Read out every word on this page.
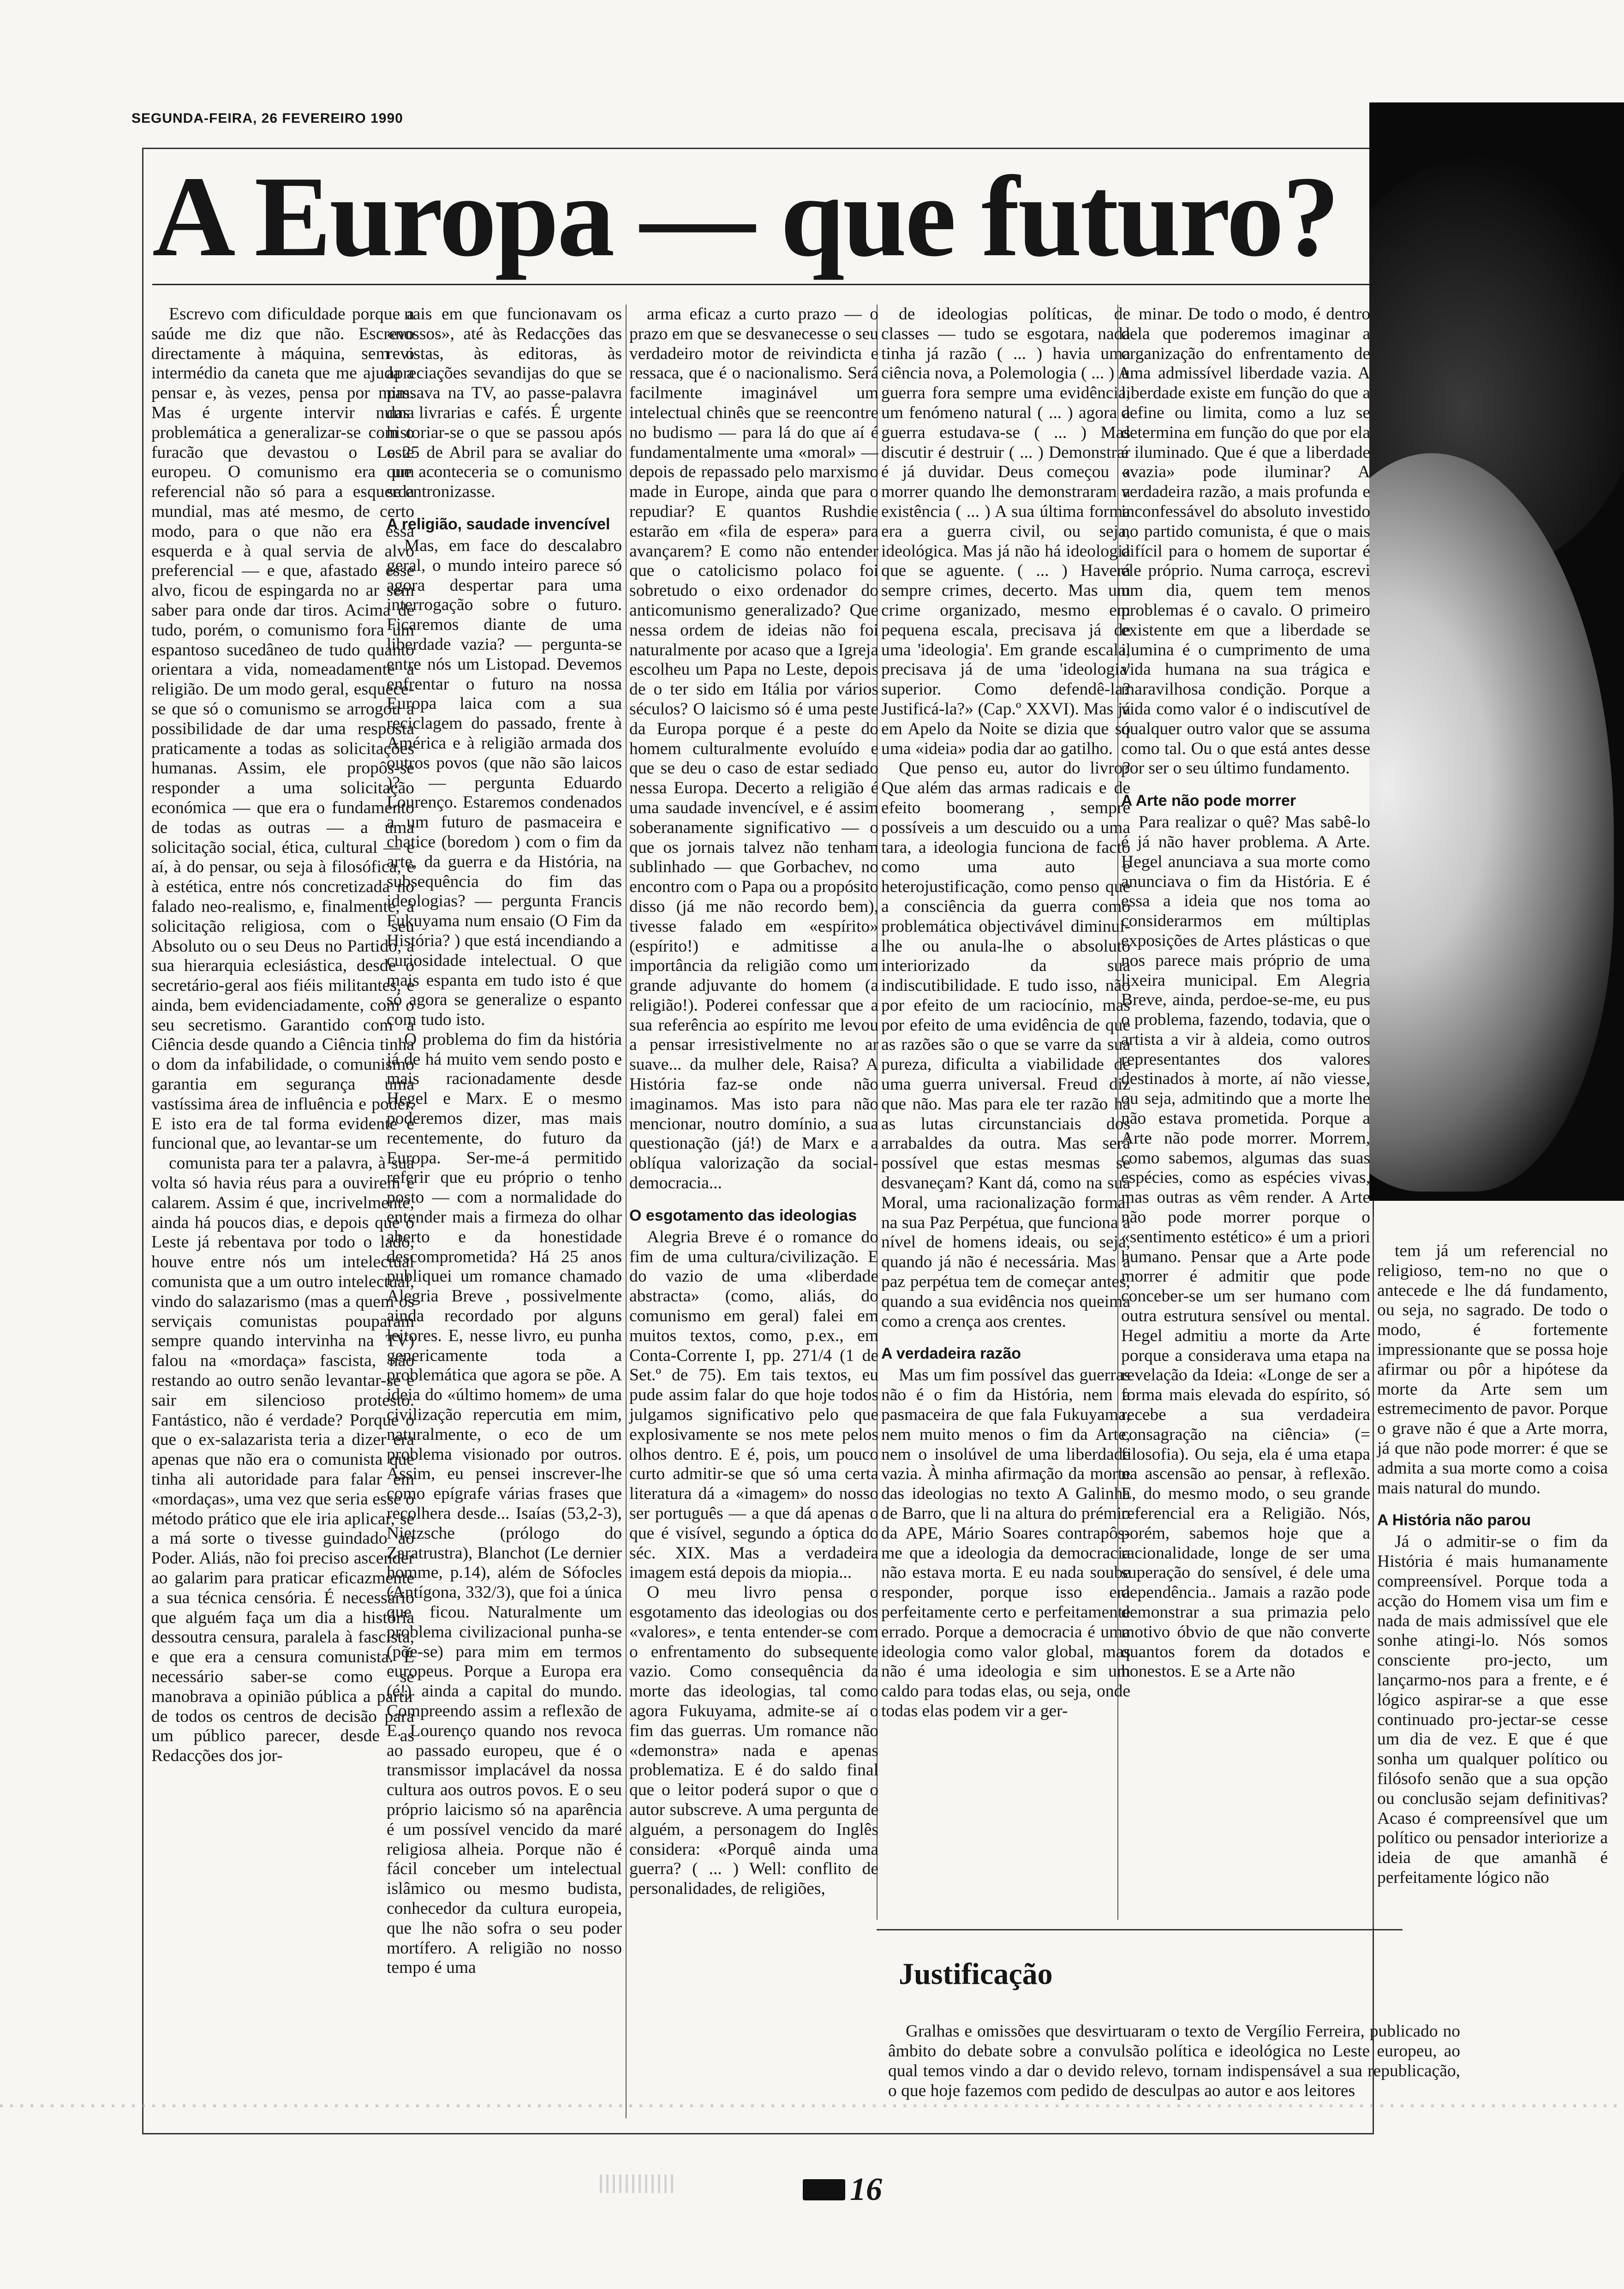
SEGUNDA-FEIRA, 26 FEVEREIRO 1990
A Europa — que futuro?

Escrevo com dificuldade porque a saúde me diz que não. Escrevo directamente à máquina, sem o intermédio da caneta que me ajuda a pensar e, às vezes, pensa por mim. Mas é urgente intervir numa problemática a generalizar-se com o furacão que devastou o Leste europeu. O comunismo era um referencial não só para a esquerda mundial, mas até mesmo, de certo modo, para o que não era essa esquerda e à qual servia de alvo preferencial — e que, afastado esse alvo, ficou de espingarda no ar sem saber para onde dar tiros. Acima de tudo, porém, o comunismo fora um espantoso sucedâneo de tudo quanto orientara a vida, nomeadamente a religião. De um modo geral, esquece-se que só o comunismo se arrogou a possibilidade de dar uma resposta praticamente a todas as solicitações humanas. Assim, ele propôs-se responder a uma solicitação económica — que era o fundamento de todas as outras — a uma solicitação social, ética, cultural — e aí, à do pensar, ou seja à filosófica, e à estética, entre nós concretizada no falado neo-realismo, e, finalmente, à solicitação religiosa, com o seu Absoluto ou o seu Deus no Partido, a sua hierarquia eclesiástica, desde o secretário-geral aos fiéis militantes, e ainda, bem evidenciadamente, com o seu secretismo. Garantido com a Ciência desde quando a Ciência tinha o dom da infabilidade, o comunismo garantia em segurança uma vastíssima área de influência e poder. E isto era de tal forma evidente e funcional que, ao levantar-se um

comunista para ter a palavra, à sua volta só havia réus para a ouvirem e calarem. Assim é que, incrivelmente, ainda há poucos dias, e depois que o Leste já rebentava por todo o lado, houve entre nós um intelectual comunista que a um outro intelectual, vindo do salazarismo (mas a quem os serviçais comunistas pouparam sempre quando intervinha na TV) falou na «mordaça» fascista, não restando ao outro senão levantar-se e sair em silencioso protesto. Fantástico, não é verdade? Porque o que o ex-salazarista teria a dizer era apenas que não era o comunista que tinha ali autoridade para falar em «mordaças», uma vez que seria esse o método prático que ele iria aplicar, se a má sorte o tivesse guindado ao Poder. Aliás, não foi preciso ascender ao galarim para praticar eficazmente a sua técnica censória. É necessário que alguém faça um dia a história dessoutra censura, paralela à fascista, e que era a censura comunista. É necessário saber-se como se manobrava a opinião pública a partir de todos os centros de decisão para um público parecer, desde as Redacções dos jor-

nais em que funcionavam os «nossos», até às Redacções das revistas, às editoras, às apreciações sevandijas do que se passava na TV, ao passe-palavra das livrarias e cafés. É urgente historiar-se o que se passou após o 25 de Abril para se avaliar do que aconteceria se o comunismo se entronizasse.

A religião, saudade invencível

Mas, em face do descalabro geral, o mundo inteiro parece só agora despertar para uma interrogação sobre o futuro. Ficaremos diante de uma liberdade vazia? — pergunta-se entre nós um Listopad. Devemos enfrentar o futuro na nossa Europa laica com a sua reciclagem do passado, frente à América e à religião armada dos outros povos (que não são laicos )? — pergunta Eduardo Lourenço. Estaremos condenados a um futuro de pasmaceira e chatice (boredom ) com o fim da arte, da guerra e da História, na subsequência do fim das ideologias? — pergunta Francis Fukuyama num ensaio (O Fim da História? ) que está incendiando a curiosidade intelectual. O que mais espanta em tudo isto é que só agora se generalize o espanto com tudo isto.

O problema do fim da história já de há muito vem sendo posto e mais racionadamente desde Hegel e Marx. E o mesmo poderemos dizer, mas mais recentemente, do futuro da Europa. Ser-me-á permitido referir que eu próprio o tenho posto — com a normalidade do entender mais a firmeza do olhar aberto e da honestidade descomprometida? Há 25 anos publiquei um romance chamado Alegria Breve , possivelmente ainda recordado por alguns leitores. E, nesse livro, eu punha genericamente toda a problemática que agora se põe. A ideia do «último homem» de uma civilização repercutia em mim, naturalmente, o eco de um problema visionado por outros. Assim, eu pensei inscrever-lhe como epígrafe várias frases que recolhera desde... Isaías (53,2-3), Nietzsche (prólogo do Zaratrustra), Blanchot (Le dernier homme, p.14), além de Sófocles (Antígona, 332/3), que foi a única que ficou. Naturalmente um problema civilizacional punha-se (põe-se) para mim em termos europeus. Porque a Europa era (é!) ainda a capital do mundo. Compreendo assim a reflexão de E. Lourenço quando nos revoca ao passado europeu, que é o transmissor implacável da nossa cultura aos outros povos. E o seu próprio laicismo só na aparência é um possível vencido da maré religiosa alheia. Porque não é fácil conceber um intelectual islâmico ou mesmo budista, conhecedor da cultura europeia, que lhe não sofra o seu poder mortífero. A religião no nosso tempo é uma

arma eficaz a curto prazo — o prazo em que se desvanecesse o seu verdadeiro motor de reivindicta e ressaca, que é o nacionalismo. Será facilmente imaginável um intelectual chinês que se reencontre no budismo — para lá do que aí é fundamentalmente uma «moral» — depois de repassado pelo marxismo made in Europe, ainda que para o repudiar? E quantos Rushdie estarão em «fila de espera» para avançarem? E como não entender que o catolicismo polaco foi sobretudo o eixo ordenador do anticomunismo generalizado? Que nessa ordem de ideias não foi naturalmente por acaso que a Igreja escolheu um Papa no Leste, depois de o ter sido em Itália por vários séculos? O laicismo só é uma peste da Europa porque é a peste do homem culturalmente evoluído e que se deu o caso de estar sediado nessa Europa. Decerto a religião é uma saudade invencível, e é assim soberanamente significativo — o que os jornais talvez não tenham sublinhado — que Gorbachev, no encontro com o Papa ou a propósito disso (já me não recordo bem), tivesse falado em «espírito» (espírito!) e admitisse a importância da religião como um grande adjuvante do homem (a religião!). Poderei confessar que a sua referência ao espírito me levou a pensar irresistivelmente no ar suave... da mulher dele, Raisa? A História faz-se onde não imaginamos. Mas isto para não mencionar, noutro domínio, a sua questionação (já!) de Marx e a oblíqua valorização da social-democracia...

O esgotamento das ideologias

Alegria Breve é o romance do fim de uma cultura/civilização. E do vazio de uma «liberdade abstracta» (como, aliás, do comunismo em geral) falei em muitos textos, como, p.ex., em Conta-Corrente I, pp. 271/4 (1 de Set.º de 75). Em tais textos, eu pude assim falar do que hoje todos julgamos significativo pelo que explosivamente se nos mete pelos olhos dentro. E é, pois, um pouco curto admitir-se que só uma certa literatura dá a «imagem» do nosso ser português — a que dá apenas o que é visível, segundo a óptica do séc. XIX. Mas a verdadeira imagem está depois da miopia...

O meu livro pensa o esgotamento das ideologias ou dos «valores», e tenta entender-se com o enfrentamento do subsequente vazio. Como consequência da morte das ideologias, tal como agora Fukuyama, admite-se aí o fim das guerras. Um romance não «demonstra» nada e apenas problematiza. E é do saldo final que o leitor poderá supor o que o autor subscreve. A uma pergunta de alguém, a personagem do Inglês considera: «Porquê ainda uma guerra? ( ... ) Well: conflito de personalidades, de religiões,

de ideologias políticas, de classes — tudo se esgotara, nada tinha já razão ( ... ) havia uma ciência nova, a Polemologia ( ... ) A guerra fora sempre uma evidência, um fenómeno natural ( ... ) agora a guerra estudava-se ( ... ) Mas discutir é destruir ( ... ) Demonstrar é já duvidar. Deus começou a morrer quando lhe demonstraram a existência ( ... ) A sua última forma era a guerra civil, ou seja, ideológica. Mas já não há ideologia que se aguente. ( ... ) Haverá sempre crimes, decerto. Mas um crime organizado, mesmo em pequena escala, precisava já de uma 'ideologia'. Em grande escala, precisava já de uma 'ideologia' superior. Como defendê-la? Justificá-la?» (Cap.º XXVI). Mas já em Apelo da Noite se dizia que só uma «ideia» podia dar ao gatilho.

Que penso eu, autor do livro? Que além das armas radicais e de efeito boomerang , sempre possíveis a um descuido ou a uma tara, a ideologia funciona de facto como uma auto e heterojustificação, como penso que a consciência da guerra como problemática objectivável diminui-lhe ou anula-lhe o absoluto interiorizado da sua indiscutibilidade. E tudo isso, não por efeito de um raciocínio, mas por efeito de uma evidência de que as razões são o que se varre da sua pureza, dificulta a viabilidade de uma guerra universal. Freud diz que não. Mas para ele ter razão há as lutas circunstanciais dos arrabaldes da outra. Mas será possível que estas mesmas se desvaneçam? Kant dá, como na sua Moral, uma racionalização formal na sua Paz Perpétua, que funciona a nível de homens ideais, ou seja, quando já não é necessária. Mas a paz perpétua tem de começar antes, quando a sua evidência nos queima como a crença aos crentes.

A verdadeira razão

Mas um fim possível das guerras não é o fim da História, nem a pasmaceira de que fala Fukuyama, nem muito menos o fim da Arte, nem o insolúvel de uma liberdade vazia. À minha afirmação da morte das ideologias no texto A Galinha de Barro, que li na altura do prémio da APE, Mário Soares contrapôs-me que a ideologia da democracia não estava morta. E eu nada soube responder, porque isso era perfeitamente certo e perfeitamente errado. Porque a democracia é uma ideologia como valor global, mas não é uma ideologia e sim um caldo para todas elas, ou seja, onde todas elas podem vir a ger-

minar. De todo o modo, é dentro dela que poderemos imaginar a organização do enfrentamento de uma admissível liberdade vazia. A liberdade existe em função do que a define ou limita, como a luz se determina em função do que por ela é iluminado. Que é que a liberdade «vazia» pode iluminar? A verdadeira razão, a mais profunda e inconfessável do absoluto investido no partido comunista, é que o mais difícil para o homem de suportar é ele próprio. Numa carroça, escrevi um dia, quem tem menos problemas é o cavalo. O primeiro existente em que a liberdade se ilumina é o cumprimento de uma vida humana na sua trágica e maravilhosa condição. Porque a vida como valor é o indiscutível de qualquer outro valor que se assuma como tal. Ou o que está antes desse por ser o seu último fundamento.

A Arte não pode morrer

Para realizar o quê? Mas sabê-lo é já não haver problema. A Arte. Hegel anunciava a sua morte como anunciava o fim da História. E é essa a ideia que nos toma ao considerarmos em múltiplas exposições de Artes plásticas o que nos parece mais próprio de uma lixeira municipal. Em Alegria Breve, ainda, perdoe-se-me, eu pus o problema, fazendo, todavia, que o artista a vir à aldeia, como outros representantes dos valores destinados à morte, aí não viesse, ou seja, admitindo que a morte lhe não estava prometida. Porque a Arte não pode morrer. Morrem, como sabemos, algumas das suas espécies, como as espécies vivas, mas outras as vêm render. A Arte não pode morrer porque o «sentimento estético» é um a priori humano. Pensar que a Arte pode morrer é admitir que pode conceber-se um ser humano com outra estrutura sensível ou mental. Hegel admitiu a morte da Arte porque a considerava uma etapa na revelação da Ideia: «Longe de ser a forma mais elevada do espírito, só recebe a sua verdadeira consagração na ciência» (= filosofia). Ou seja, ela é uma etapa na ascensão ao pensar, à reflexão. E, do mesmo modo, o seu grande referencial era a Religião. Nós, porém, sabemos hoje que a racionalidade, longe de ser uma superação do sensível, é dele uma dependência.. Jamais a razão pode demonstrar a sua primazia pelo motivo óbvio de que não converte quantos forem da dotados e honestos. E se a Arte não

tem já um referencial no religioso, tem-no no que o antecede e lhe dá fundamento, ou seja, no sagrado. De todo o modo, é fortemente impressionante que se possa hoje afirmar ou pôr a hipótese da morte da Arte sem um estremecimento de pavor. Porque o grave não é que a Arte morra, já que não pode morrer: é que se admita a sua morte como a coisa mais natural do mundo.

A História não parou

Já o admitir-se o fim da História é mais humanamente compreensível. Porque toda a acção do Homem visa um fim e nada de mais admissível que ele sonhe atingi-lo. Nós somos consciente pro-jecto, um lançarmo-nos para a frente, e é lógico aspirar-se a que esse continuado pro-jectar-se cesse um dia de vez. E que é que sonha um qualquer político ou filósofo senão que a sua opção ou conclusão sejam definitivas? Acaso é compreensível que um político ou pensador interiorize a ideia de que amanhã é perfeitamente lógico não

Justificação
Gralhas e omissões que desvirtuaram o texto de Vergílio Ferreira, publicado no âmbito do debate sobre a convulsão política e ideológica no Leste europeu, ao qual temos vindo a dar o devido relevo, tornam indispensável a sua republicação, o que hoje fazemos com pedido de desculpas ao autor e aos leitores
16
